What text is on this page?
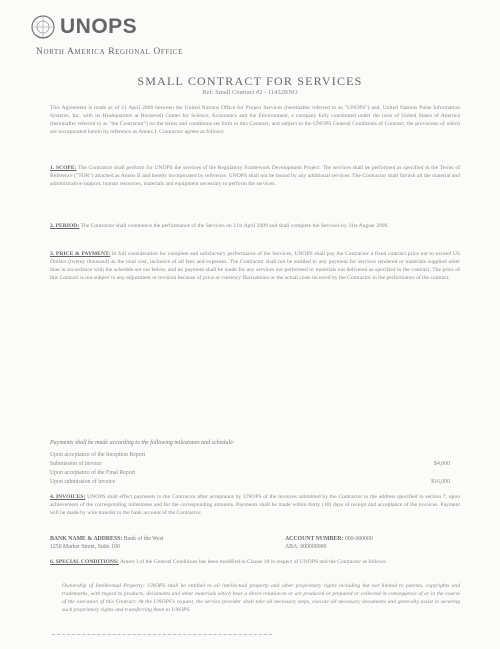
UNOPS
North America Regional Office
SMALL CONTRACT FOR SERVICES
Ref: Small Contract #2 - 11432RNO
This Agreement is made as of 21 April 2009 between the United Nations Office for Project Services (hereinafter referred to as "UNOPS") and, United Nations Pulse Information Systems, Inc. with its Headquarters at Roosevelt Center for Science, Economics and the Environment, a company fully constituted under the laws of United States of America (hereinafter referred to as "the Contractor") on the terms and conditions set forth in this Contract, and subject to the UNOPS General Conditions of Contract, the provisions of which are incorporated herein by reference as Annex I. Contractor agrees as follows:
1. SCOPE: The Contractor shall perform for UNOPS the services of the Regulatory Framework Development Project. The services shall be performed as specified in the Terms of Reference ("TOR") attached as Annex II and hereby incorporated by reference. UNOPS shall not be bound by any additional services. The Contractor shall furnish all the material and administrative support, human resources, materials and equipment necessary to perform the services.
2. PERIOD: The Contractor shall commence the performance of the Services on 21st April 2009 and shall complete the Services by 31st August 2009.
3. PRICE & PAYMENT: In full consideration for complete and satisfactory performance of the Services, UNOPS shall pay the Contractor a fixed contract price not to exceed US Dollars (twenty thousand) as the total cost, inclusive of all fees and expenses. The Contractor shall not be entitled to any payment for services rendered or materials supplied other than in accordance with the schedule set out below, and no payment shall be made for any services not performed or materials not delivered as specified in the contract. The price of this Contract is not subject to any adjustment or revision because of price or currency fluctuations or the actual costs incurred by the Contractor in the performance of the contract.
Payments shall be made according to the following milestones and schedule:
Upon acceptance of the Inception Report	
Submission of invoice	$4,000
Upon acceptance of the Final Report	
Upon submission of invoice	$16,000
4. INVOICES: UNOPS shall effect payments to the Contractor after acceptance by UNOPS of the invoices submitted by the Contractor to the address specified in section 7, upon achievement of the corresponding milestones and for the corresponding amounts. Payments shall be made within thirty (30) days of receipt and acceptance of the invoices. Payment will be made by wire transfer to the bank account of the Contractor.
BANK NAME & ADDRESS: Bank of the West
1250 Market Street, Suite 100
ACCOUNT NUMBER: 000-000000
ABA: 000000000
6. SPECIAL CONDITIONS: Annex I of the General Conditions has been modified in Clause 18 in respect of UNOPS and the Contractor as follows:
Ownership of Intellectual Property: UNOPS shall be entitled to all intellectual property and other proprietary rights including but not limited to patents, copyrights and trademarks, with regard to products, documents and other materials which bear a direct relation to or are produced or prepared or collected in consequence of or in the course of the execution of this Contract. At the UNOPS's request, the service provider shall take all necessary steps, execute all necessary documents and generally assist in securing such proprietary rights and transferring them to UNOPS.
